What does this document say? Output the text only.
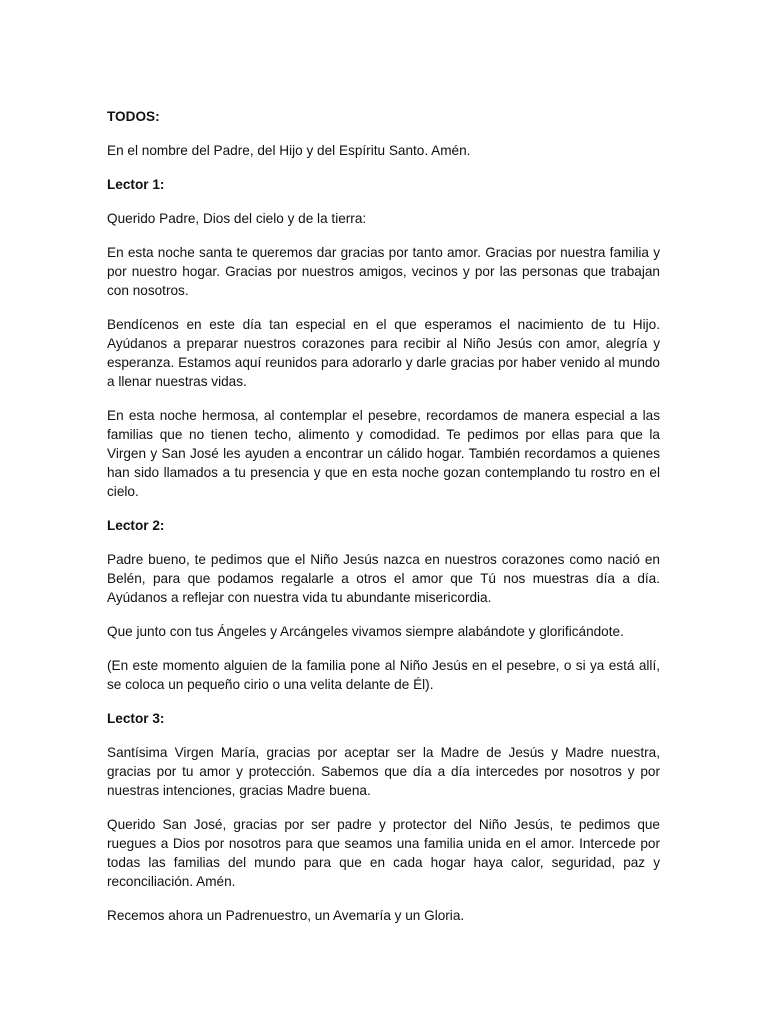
TODOS:
En el nombre del Padre, del Hijo y del Espíritu Santo. Amén.
Lector 1:
Querido Padre, Dios del cielo y de la tierra:
En esta noche santa te queremos dar gracias por tanto amor. Gracias por nuestra familia y por nuestro hogar. Gracias por nuestros amigos, vecinos y por las personas que trabajan con nosotros.
Bendícenos en este día tan especial en el que esperamos el nacimiento de tu Hijo. Ayúdanos a preparar nuestros corazones para recibir al Niño Jesús con amor, alegría y esperanza. Estamos aquí reunidos para adorarlo y darle gracias por haber venido al mundo a llenar nuestras vidas.
En esta noche hermosa, al contemplar el pesebre, recordamos de manera especial a las familias que no tienen techo, alimento y comodidad. Te pedimos por ellas para que la Virgen y San José les ayuden a encontrar un cálido hogar. También recordamos a quienes han sido llamados a tu presencia y que en esta noche gozan contemplando tu rostro en el cielo.
Lector 2:
Padre bueno, te pedimos que el Niño Jesús nazca en nuestros corazones como nació en Belén, para que podamos regalarle a otros el amor que Tú nos muestras día a día. Ayúdanos a reflejar con nuestra vida tu abundante misericordia.
Que junto con tus Ángeles y Arcángeles vivamos siempre alabándote y glorificándote.
(En este momento alguien de la familia pone al Niño Jesús en el pesebre, o si ya está allí, se coloca un pequeño cirio o una velita delante de Él).
Lector 3:
Santísima Virgen María, gracias por aceptar ser la Madre de Jesús y Madre nuestra, gracias por tu amor y protección. Sabemos que día a día intercedes por nosotros y por nuestras intenciones, gracias Madre buena.
Querido San José, gracias por ser padre y protector del Niño Jesús, te pedimos que ruegues a Dios por nosotros para que seamos una familia unida en el amor. Intercede por todas las familias del mundo para que en cada hogar haya calor, seguridad, paz y reconciliación. Amén.
Recemos ahora un Padrenuestro, un Avemaría y un Gloria.
